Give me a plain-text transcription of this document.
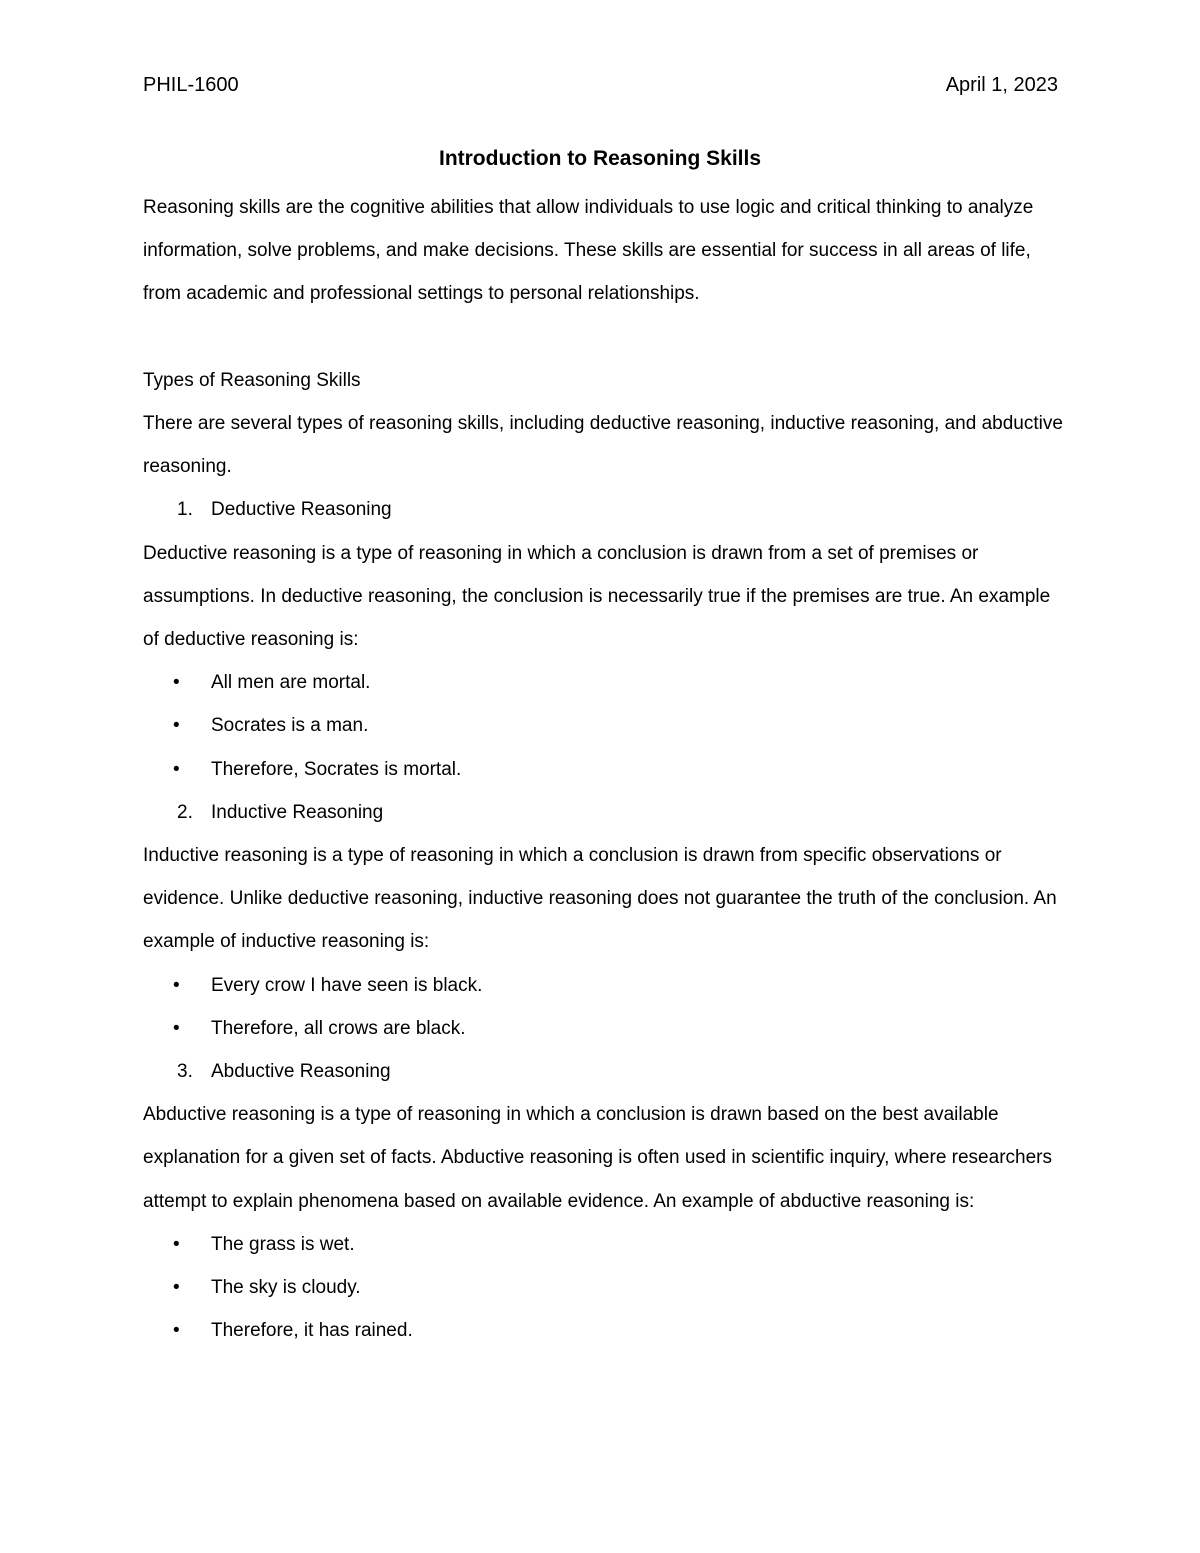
PHIL-1600	April 1, 2023
Introduction to Reasoning Skills

Reasoning skills are the cognitive abilities that allow individuals to use logic and critical thinking to analyze information, solve problems, and make decisions. These skills are essential for success in all areas of life, from academic and professional settings to personal relationships.

Types of Reasoning Skills

There are several types of reasoning skills, including deductive reasoning, inductive reasoning, and abductive reasoning.

1. Deductive Reasoning

Deductive reasoning is a type of reasoning in which a conclusion is drawn from a set of premises or assumptions. In deductive reasoning, the conclusion is necessarily true if the premises are true. An example of deductive reasoning is:

• All men are mortal.
• Socrates is a man.
• Therefore, Socrates is mortal.
2. Inductive Reasoning

Inductive reasoning is a type of reasoning in which a conclusion is drawn from specific observations or evidence. Unlike deductive reasoning, inductive reasoning does not guarantee the truth of the conclusion. An example of inductive reasoning is:

• Every crow I have seen is black.
• Therefore, all crows are black.
3. Abductive Reasoning

Abductive reasoning is a type of reasoning in which a conclusion is drawn based on the best available explanation for a given set of facts. Abductive reasoning is often used in scientific inquiry, where researchers attempt to explain phenomena based on available evidence. An example of abductive reasoning is:

• The grass is wet.
• The sky is cloudy.
• Therefore, it has rained.
